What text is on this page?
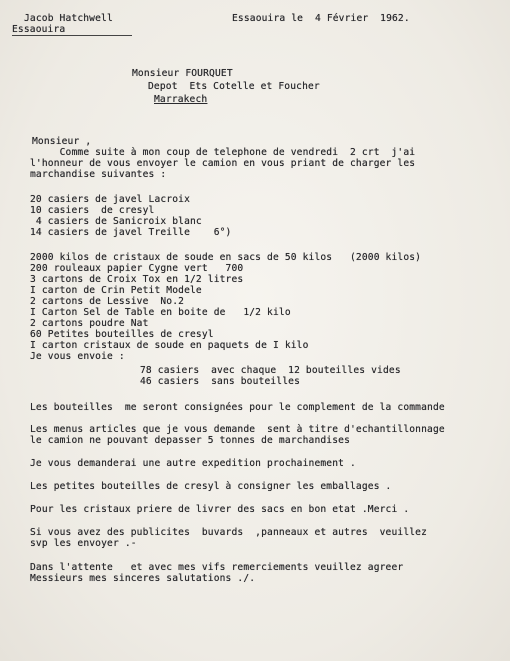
Jacob Hatchwell
Essaouira
Essaouira le  4 Février  1962.
Monsieur FOURQUET
Depot  Ets Cotelle et Foucher
Marrakech
Monsieur ,
Comme suite à mon coup de telephone de vendredi  2 crt  j'ai
l'honneur de vous envoyer le camion en vous priant de charger les
marchandise suivantes :
20 casiers de javel Lacroix
10 casiers  de cresyl
4 casiers de Sanicroix blanc
14 casiers de javel Treille    6°)
2000 kilos de cristaux de soude en sacs de 50 kilos   (2000 kilos)
200 rouleaux papier Cygne vert   700
3 cartons de Croix Tox en 1/2 litres
I carton de Crin Petit Modele
2 cartons de Lessive  No.2
I Carton Sel de Table en boite de   1/2 kilo
2 cartons poudre Nat
60 Petites bouteilles de cresyl
I carton cristaux de soude en paquets de I kilo
Je vous envoie :
78 casiers  avec chaque  12 bouteilles vides
46 casiers  sans bouteilles
Les bouteilles  me seront consignées pour le complement de la commande
Les menus articles que je vous demande  sent à titre d'echantillonnage
le camion ne pouvant depasser 5 tonnes de marchandises
Je vous demanderai une autre expedition prochainement .
Les petites bouteilles de cresyl à consigner les emballages .
Pour les cristaux priere de livrer des sacs en bon etat .Merci .
Si vous avez des publicites  buvards  ,panneaux et autres  veuillez
svp les envoyer .-
Dans l'attente   et avec mes vifs remerciements veuillez agreer
Messieurs mes sinceres salutations ./.
